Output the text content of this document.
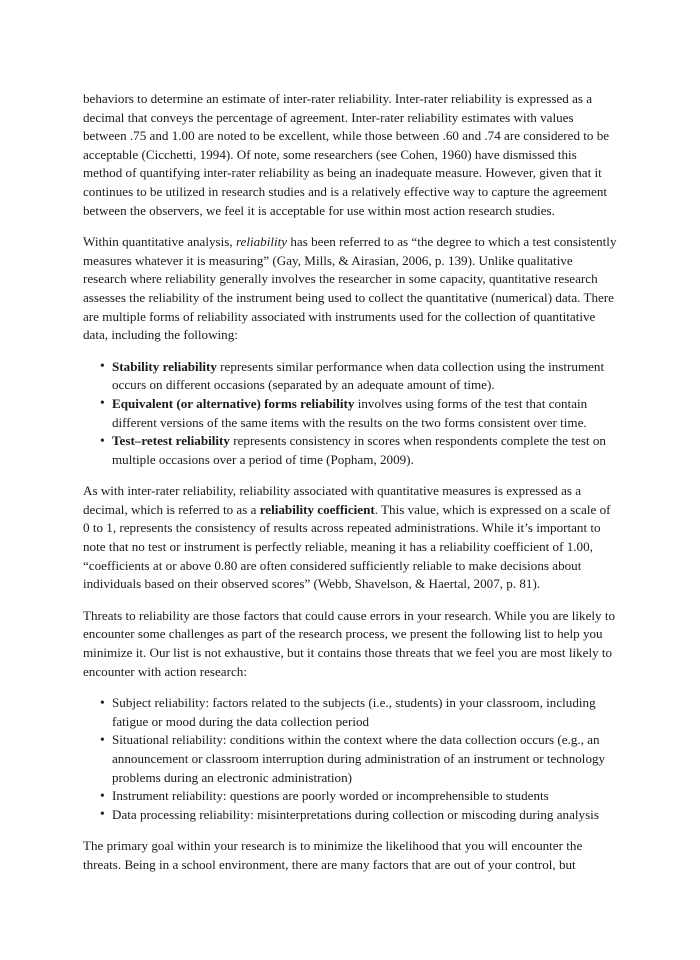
behaviors to determine an estimate of inter-rater reliability. Inter-rater reliability is expressed as a decimal that conveys the percentage of agreement. Inter-rater reliability estimates with values between .75 and 1.00 are noted to be excellent, while those between .60 and .74 are considered to be acceptable (Cicchetti, 1994). Of note, some researchers (see Cohen, 1960) have dismissed this method of quantifying inter-rater reliability as being an inadequate measure. However, given that it continues to be utilized in research studies and is a relatively effective way to capture the agreement between the observers, we feel it is acceptable for use within most action research studies.

Within quantitative analysis, reliability has been referred to as “the degree to which a test consistently measures whatever it is measuring” (Gay, Mills, & Airasian, 2006, p. 139). Unlike qualitative research where reliability generally involves the researcher in some capacity, quantitative research assesses the reliability of the instrument being used to collect the quantitative (numerical) data. There are multiple forms of reliability associated with instruments used for the collection of quantitative data, including the following:

• Stability reliability represents similar performance when data collection using the instrument occurs on different occasions (separated by an adequate amount of time).
• Equivalent (or alternative) forms reliability involves using forms of the test that contain different versions of the same items with the results on the two forms consistent over time.
• Test–retest reliability represents consistency in scores when respondents complete the test on multiple occasions over a period of time (Popham, 2009).

As with inter-rater reliability, reliability associated with quantitative measures is expressed as a decimal, which is referred to as a reliability coefficient. This value, which is expressed on a scale of 0 to 1, represents the consistency of results across repeated administrations. While it’s important to note that no test or instrument is perfectly reliable, meaning it has a reliability coefficient of 1.00, “coefficients at or above 0.80 are often considered sufficiently reliable to make decisions about individuals based on their observed scores” (Webb, Shavelson, & Haertal, 2007, p. 81).

Threats to reliability are those factors that could cause errors in your research. While you are likely to encounter some challenges as part of the research process, we present the following list to help you minimize it. Our list is not exhaustive, but it contains those threats that we feel you are most likely to encounter with action research:

• Subject reliability: factors related to the subjects (i.e., students) in your classroom, including fatigue or mood during the data collection period
• Situational reliability: conditions within the context where the data collection occurs (e.g., an announcement or classroom interruption during administration of an instrument or technology problems during an electronic administration)
• Instrument reliability: questions are poorly worded or incomprehensible to students
• Data processing reliability: misinterpretations during collection or miscoding during analysis

The primary goal within your research is to minimize the likelihood that you will encounter the threats. Being in a school environment, there are many factors that are out of your control, but
